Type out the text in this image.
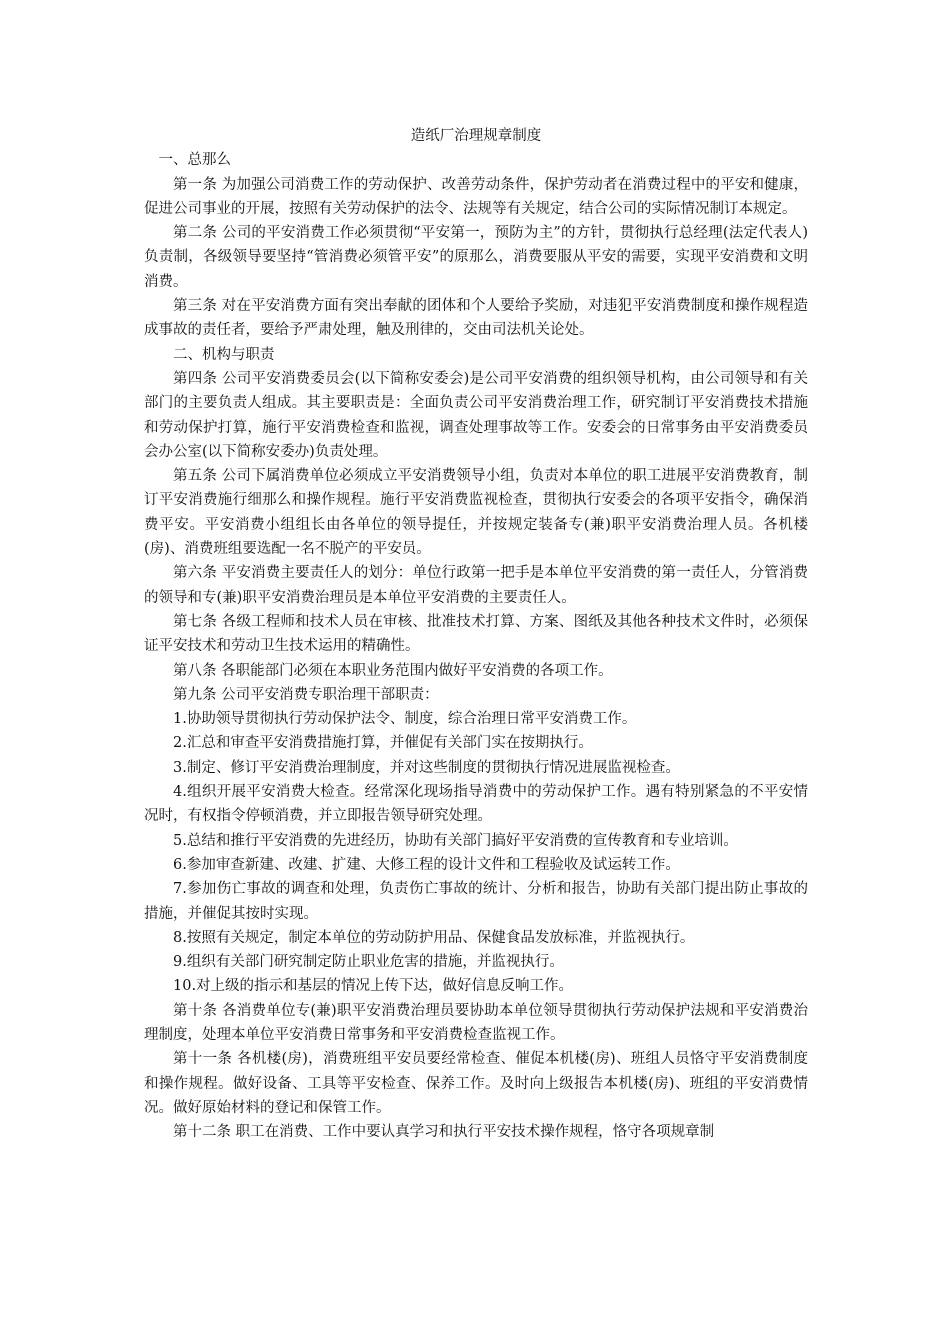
造纸厂治理规章制度

一、总那么

第一条 为加强公司消费工作的劳动保护、改善劳动条件，保护劳动者在消费过程中的平安和健康，促进公司事业的开展，按照有关劳动保护的法令、法规等有关规定，结合公司的实际情况制订本规定。

第二条 公司的平安消费工作必须贯彻“平安第一，预防为主”的方针，贯彻执行总经理(法定代表人)负责制，各级领导要坚持“管消费必须管平安”的原那么，消费要服从平安的需要，实现平安消费和文明消费。

第三条 对在平安消费方面有突出奉献的团体和个人要给予奖励，对违犯平安消费制度和操作规程造成事故的责任者，要给予严肃处理，触及刑律的，交由司法机关论处。

二、机构与职责

第四条 公司平安消费委员会(以下简称安委会)是公司平安消费的组织领导机构，由公司领导和有关部门的主要负责人组成。其主要职责是：全面负责公司平安消费治理工作，研究制订平安消费技术措施和劳动保护打算，施行平安消费检查和监视，调查处理事故等工作。安委会的日常事务由平安消费委员会办公室(以下简称安委办)负责处理。

第五条 公司下属消费单位必须成立平安消费领导小组，负责对本单位的职工进展平安消费教育，制订平安消费施行细那么和操作规程。施行平安消费监视检查，贯彻执行安委会的各项平安指令，确保消费平安。平安消费小组组长由各单位的领导提任，并按规定装备专(兼)职平安消费治理人员。各机楼(房)、消费班组要选配一名不脱产的平安员。

第六条 平安消费主要责任人的划分：单位行政第一把手是本单位平安消费的第一责任人，分管消费的领导和专(兼)职平安消费治理员是本单位平安消费的主要责任人。

第七条 各级工程师和技术人员在审核、批准技术打算、方案、图纸及其他各种技术文件时，必须保证平安技术和劳动卫生技术运用的精确性。

第八条 各职能部门必须在本职业务范围内做好平安消费的各项工作。

第九条 公司平安消费专职治理干部职责：

1.协助领导贯彻执行劳动保护法令、制度，综合治理日常平安消费工作。

2.汇总和审查平安消费措施打算，并催促有关部门实在按期执行。

3.制定、修订平安消费治理制度，并对这些制度的贯彻执行情况进展监视检查。

4.组织开展平安消费大检查。经常深化现场指导消费中的劳动保护工作。遇有特别紧急的不平安情况时，有权指令停顿消费，并立即报告领导研究处理。

5.总结和推行平安消费的先进经历，协助有关部门搞好平安消费的宣传教育和专业培训。

6.参加审查新建、改建、扩建、大修工程的设计文件和工程验收及试运转工作。

7.参加伤亡事故的调查和处理，负责伤亡事故的统计、分析和报告，协助有关部门提出防止事故的措施，并催促其按时实现。

8.按照有关规定，制定本单位的劳动防护用品、保健食品发放标准，并监视执行。

9.组织有关部门研究制定防止职业危害的措施，并监视执行。

10.对上级的指示和基层的情况上传下达，做好信息反响工作。

第十条 各消费单位专(兼)职平安消费治理员要协助本单位领导贯彻执行劳动保护法规和平安消费治理制度，处理本单位平安消费日常事务和平安消费检查监视工作。

第十一条 各机楼(房)，消费班组平安员要经常检查、催促本机楼(房)、班组人员恪守平安消费制度和操作规程。做好设备、工具等平安检查、保养工作。及时向上级报告本机楼(房)、班组的平安消费情况。做好原始材料的登记和保管工作。

第十二条 职工在消费、工作中要认真学习和执行平安技术操作规程，恪守各项规章制
